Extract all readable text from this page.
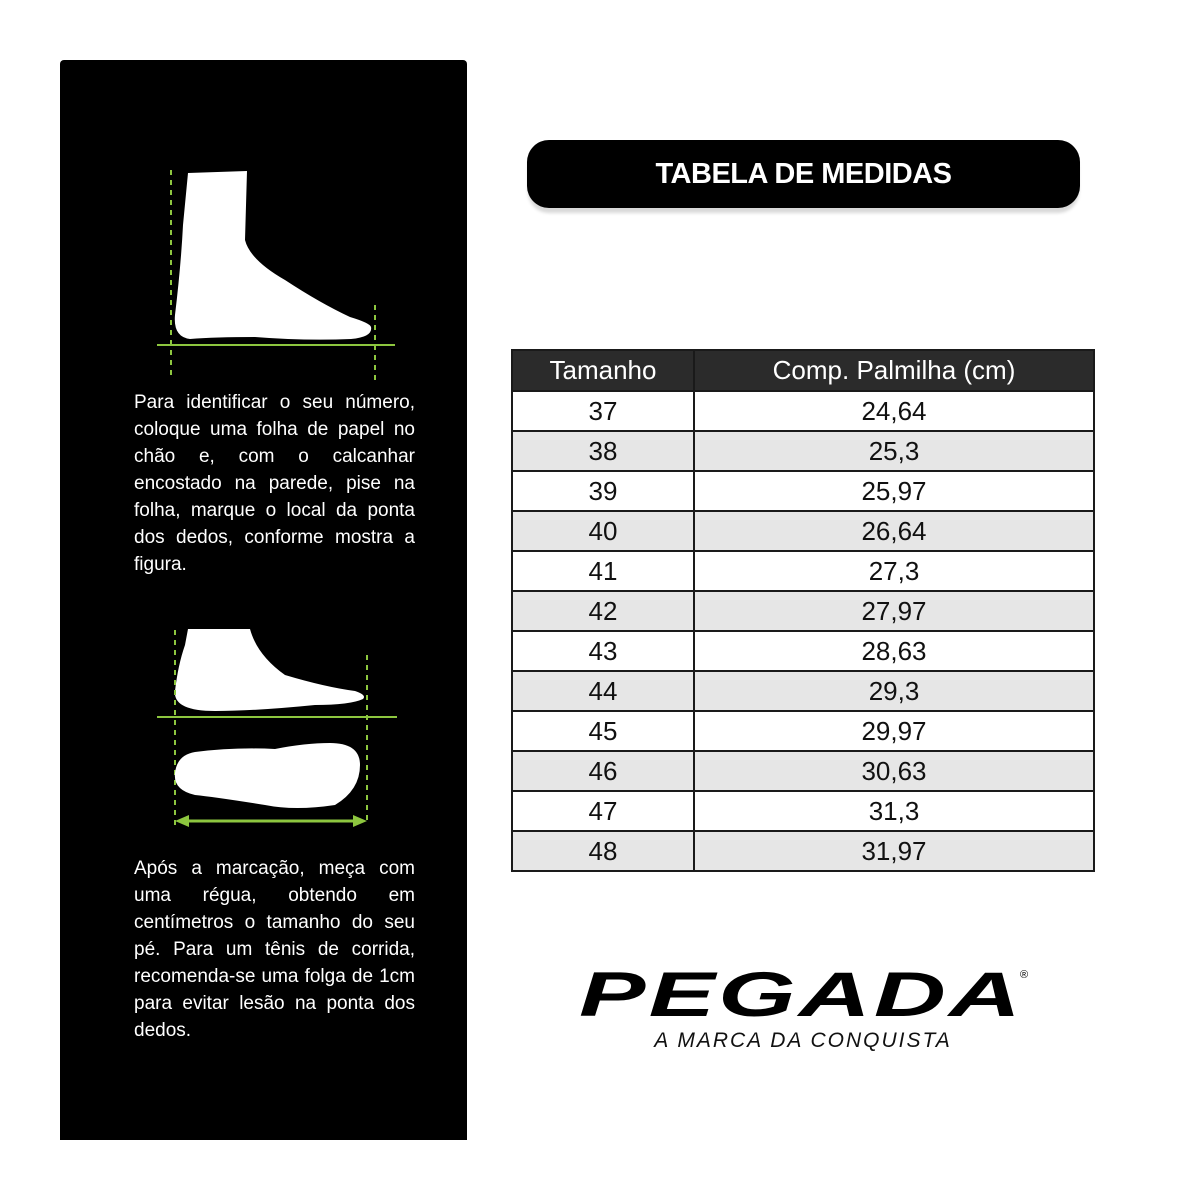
Para identificar o seu número, coloque uma folha de papel no chão e, com o calcanhar encostado na parede, pise na folha, marque o local da ponta dos dedos, conforme mostra a figura.

Após a marcação, meça com uma régua, obtendo em centímetros o tamanho do seu pé. Para um tênis de corrida, recomenda-se uma folga de 1cm para evitar lesão na ponta dos dedos.

TABELA DE MEDIDAS
Tamanho	Comp. Palmilha (cm)
37	24,64
38	25,3
39	25,97
40	26,64
41	27,3
42	27,97
43	28,63
44	29,3
45	29,97
46	30,63
47	31,3
48	31,97
PEGADA
®
A MARCA DA CONQUISTA
